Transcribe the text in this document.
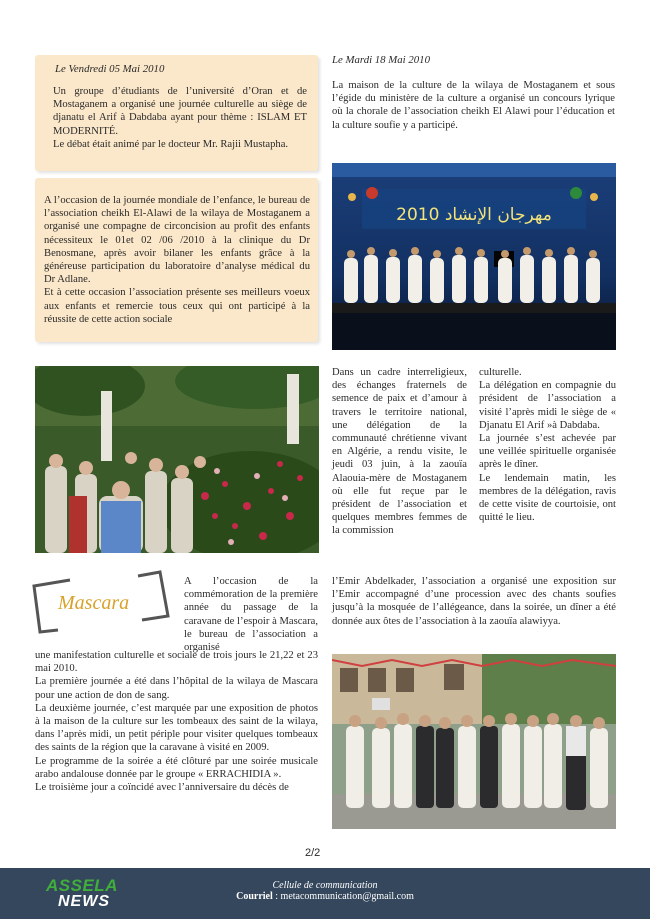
Le Vendredi 05 Mai 2010

Un groupe d’étudiants de l’université d’Oran et de Mostaganem a organisé une journée culturelle au siège de djanatu el Arif à Dabdaba ayant pour thème : ISLAM ET MODERNITÉ.

Le débat était animé par le docteur Mr. Rajii Mustapha.

A l’occasion de la journée mondiale de l’enfance, le bureau de l’association cheikh El-Alawi de la wilaya de Mostaganem a organisé une compagne de circoncision au profit des enfants nécessiteux le 01et 02 /06 /2010 à la clinique du Dr Benosmane, après avoir bilaner les enfants grâce à la généreuse participation du laboratoire d’analyse médical du Dr Adlane.

Et à cette occasion l’association présente ses meilleurs voeux aux enfants et remercie tous ceux qui ont participé à la réussite de cette action sociale

Le Mardi 18 Mai 2010
La maison de la culture de la wilaya de Mostaganem et sous l’égide du ministère de la culture a organisé un concours lyrique où la chorale de l’association cheikh El Alawi pour l’éducation et la culture soufie y a participé.
2010 مهرجان الإنشاد
Dans un cadre interreligieux, des échanges fraternels de semence de paix et d’amour à travers le territoire national, une délégation de la communauté chrétienne vivant en Algérie, a rendu visite, le jeudi 03 juin, à la zaouïa Alaouia-mère de Mostaganem où elle fut reçue par le président de l’association et quelques membres femmes de la commission

culturelle.

La délégation en compagnie du président de l’association a visité l’après midi le siège de « Djanatu El Arif »à Dabdaba.

La journée s’est achevée par une veillée spirituelle organisée après le dîner.

Le lendemain matin, les membres de la délégation, ravis de cette visite de courtoisie, ont quitté le lieu.

Mascara
A l’occasion de la commémoration de la première année du passage de la caravane de l’espoir à Mascara, le bureau de l’association a organisé

une manifestation culturelle et sociale de trois jours le 21,22 et 23 mai 2010.

La première journée a été dans l’hôpital de la wilaya de Mascara pour une action de don de sang.

La deuxième journée, c’est marquée par une exposition de photos à la maison de la culture sur les tombeaux des saint de la wilaya, dans l’après midi, un petit périple pour visiter quelques tombeaux des saints de la région que la caravane à visité en 2009.

Le programme de la soirée a été clôturé par une soirée musicale arabo andalouse donnée par le groupe « ERRACHIDIA ».

Le troisième jour a coïncidé avec l’anniversaire du décès de

l’Emir Abdelkader, l’association a organisé une exposition sur l’Emir accompagné d’une procession avec des chants soufies jusqu’à la mosquée de l’allégeance, dans la soirée, un dîner a été donnée aux ôtes de l’association à la zaouïa alawiyya.
2/2
ASSELA
NEWS
Cellule de communication
Courriel : metacommunication@gmail.com
